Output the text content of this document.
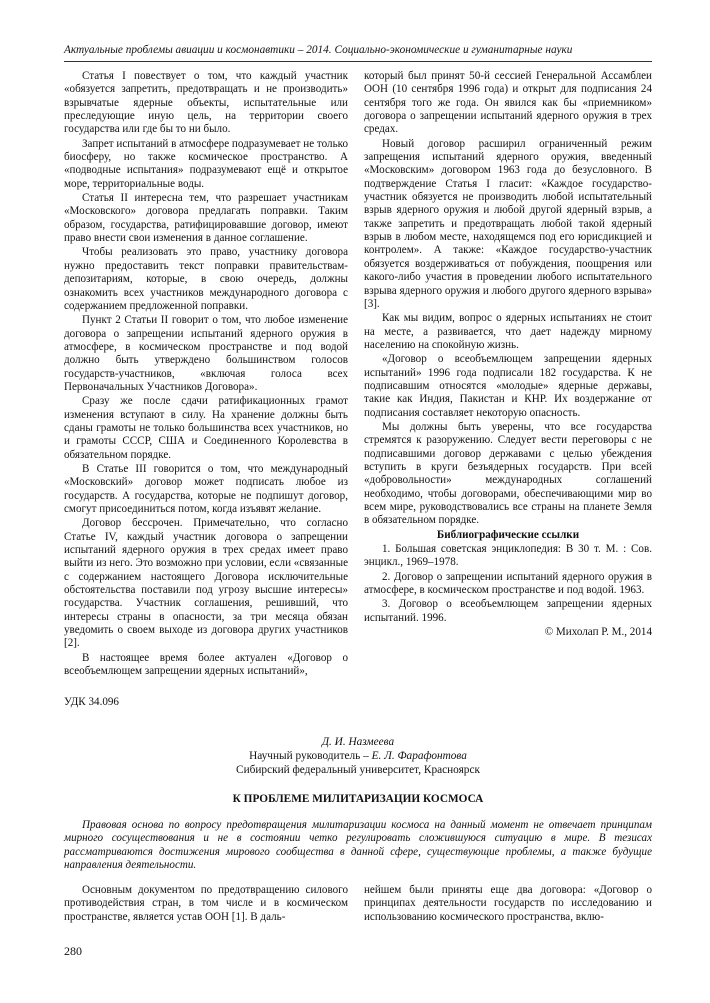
Актуальные проблемы авиации и космонавтики – 2014. Социально-экономические и гуманитарные науки

Статья I повествует о том, что каждый участник «обязуется запретить, предотвращать и не производить» взрывчатые ядерные объекты, испытательные или преследующие иную цель, на территории своего государства или где бы то ни было.

Запрет испытаний в атмосфере подразумевает не только биосферу, но также космическое пространство. А «подводные испытания» подразумевают ещё и открытое море, территориальные воды.

Статья II интересна тем, что разрешает участникам «Московского» договора предлагать поправки. Таким образом, государства, ратифицировавшие договор, имеют право внести свои изменения в данное соглашение.

Чтобы реализовать это право, участнику договора нужно предоставить текст поправки правительствам-депозитариям, которые, в свою очередь, должны ознакомить всех участников международного договора с содержанием предложенной поправки.

Пункт 2 Статьи II говорит о том, что любое изменение договора о запрещении испытаний ядерного оружия в атмосфере, в космическом пространстве и под водой должно быть утверждено большинством голосов государств-участников, «включая голоса всех Первоначальных Участников Договора».

Сразу же после сдачи ратификационных грамот изменения вступают в силу. На хранение должны быть сданы грамоты не только большинства всех участников, но и грамоты СССР, США и Соединенного Королевства в обязательном порядке.

В Статье III говорится о том, что международный «Московский» договор может подписать любое из государств. А государства, которые не подпишут договор, смогут присоединиться потом, когда изъявят желание.

Договор бессрочен. Примечательно, что согласно Статье IV, каждый участник договора о запрещении испытаний ядерного оружия в трех средах имеет право выйти из него. Это возможно при условии, если «связанные с содержанием настоящего Договора исключительные обстоятельства поставили под угрозу высшие интересы» государства. Участник соглашения, решивший, что интересы страны в опасности, за три месяца обязан уведомить о своем выходе из договора других участников [2].

В настоящее время более актуален «Договор о всеобъемлющем запрещении ядерных испытаний»,

который был принят 50-й сессией Генеральной Ассамблеи ООН (10 сентября 1996 года) и открыт для подписания 24 сентября того же года. Он явился как бы «приемником» договора о запрещении испытаний ядерного оружия в трех средах.

Новый договор расширил ограниченный режим запрещения испытаний ядерного оружия, введенный «Московским» договором 1963 года до безусловного. В подтверждение Статья I гласит: «Каждое государство-участник обязуется не производить любой испытательный взрыв ядерного оружия и любой другой ядерный взрыв, а также запретить и предотвращать любой такой ядерный взрыв в любом месте, находящемся под его юрисдикцией и контролем». А также: «Каждое государство-участник обязуется воздерживаться от побуждения, поощрения или какого-либо участия в проведении любого испытательного взрыва ядерного оружия и любого другого ядерного взрыва» [3].

Как мы видим, вопрос о ядерных испытаниях не стоит на месте, а развивается, что дает надежду мирному населению на спокойную жизнь.

«Договор о всеобъемлющем запрещении ядерных испытаний» 1996 года подписали 182 государства. К не подписавшим относятся «молодые» ядерные державы, такие как Индия, Пакистан и КНР. Их воздержание от подписания составляет некоторую опасность.

Мы должны быть уверены, что все государства стремятся к разоружению. Следует вести переговоры с не подписавшими договор державами с целью убеждения вступить в круги безъядерных государств. При всей «добровольности» международных соглашений необходимо, чтобы договорами, обеспечивающими мир во всем мире, руководствовались все страны на планете Земля в обязательном порядке.

Библиографические ссылки

1. Большая советская энциклопедия: В 30 т. М. : Сов. энцикл., 1969–1978.

2. Договор о запрещении испытаний ядерного оружия в атмосфере, в космическом пространстве и под водой. 1963.

3. Договор о всеобъемлющем запрещении ядерных испытаний. 1996.

© Михолап Р. М., 2014

УДК 34.096
Д. И. Назмеева
Научный руководитель – Е. Л. Фарафонтова
Сибирский федеральный университет, Красноярск
К ПРОБЛЕМЕ МИЛИТАРИЗАЦИИ КОСМОСА

Правовая основа по вопросу предотвращения милитаризации космоса на данный момент не отвечает принципам мирного сосуществования и не в состоянии четко регулировать сложившуюся ситуацию в мире. В тезисах рассматриваются достижения мирового сообщества в данной сфере, существующие проблемы, а также будущие направления деятельности.

Основным документом по предотвращению силового противодействия стран, в том числе и в космическом пространстве, является устав ООН [1]. В даль-

нейшем были приняты еще два договора: «Договор о принципах деятельности государств по исследованию и использованию космического пространства, вклю-

280
